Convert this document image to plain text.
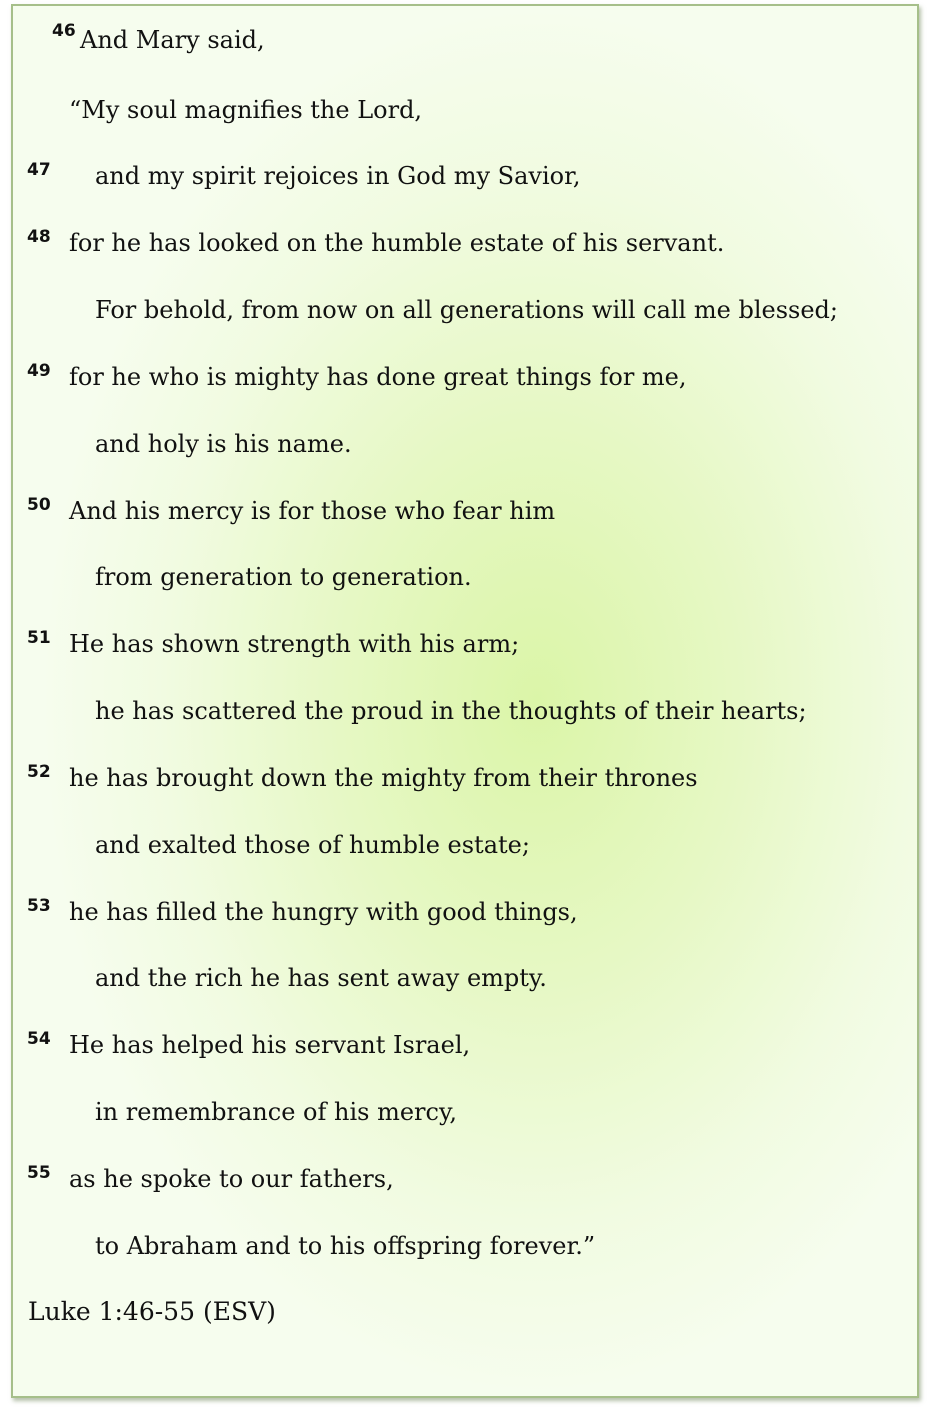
46 And Mary said,
“My soul magnifies the Lord,
47 and my spirit rejoices in God my Savior,
48 for he has looked on the humble estate of his servant.
For behold, from now on all generations will call me blessed;
49 for he who is mighty has done great things for me,
and holy is his name.
50 And his mercy is for those who fear him
from generation to generation.
51 He has shown strength with his arm;
he has scattered the proud in the thoughts of their hearts;
52 he has brought down the mighty from their thrones
and exalted those of humble estate;
53 he has filled the hungry with good things,
and the rich he has sent away empty.
54 He has helped his servant Israel,
in remembrance of his mercy,
55 as he spoke to our fathers,
to Abraham and to his offspring forever.”
Luke 1:46-55 (ESV)
